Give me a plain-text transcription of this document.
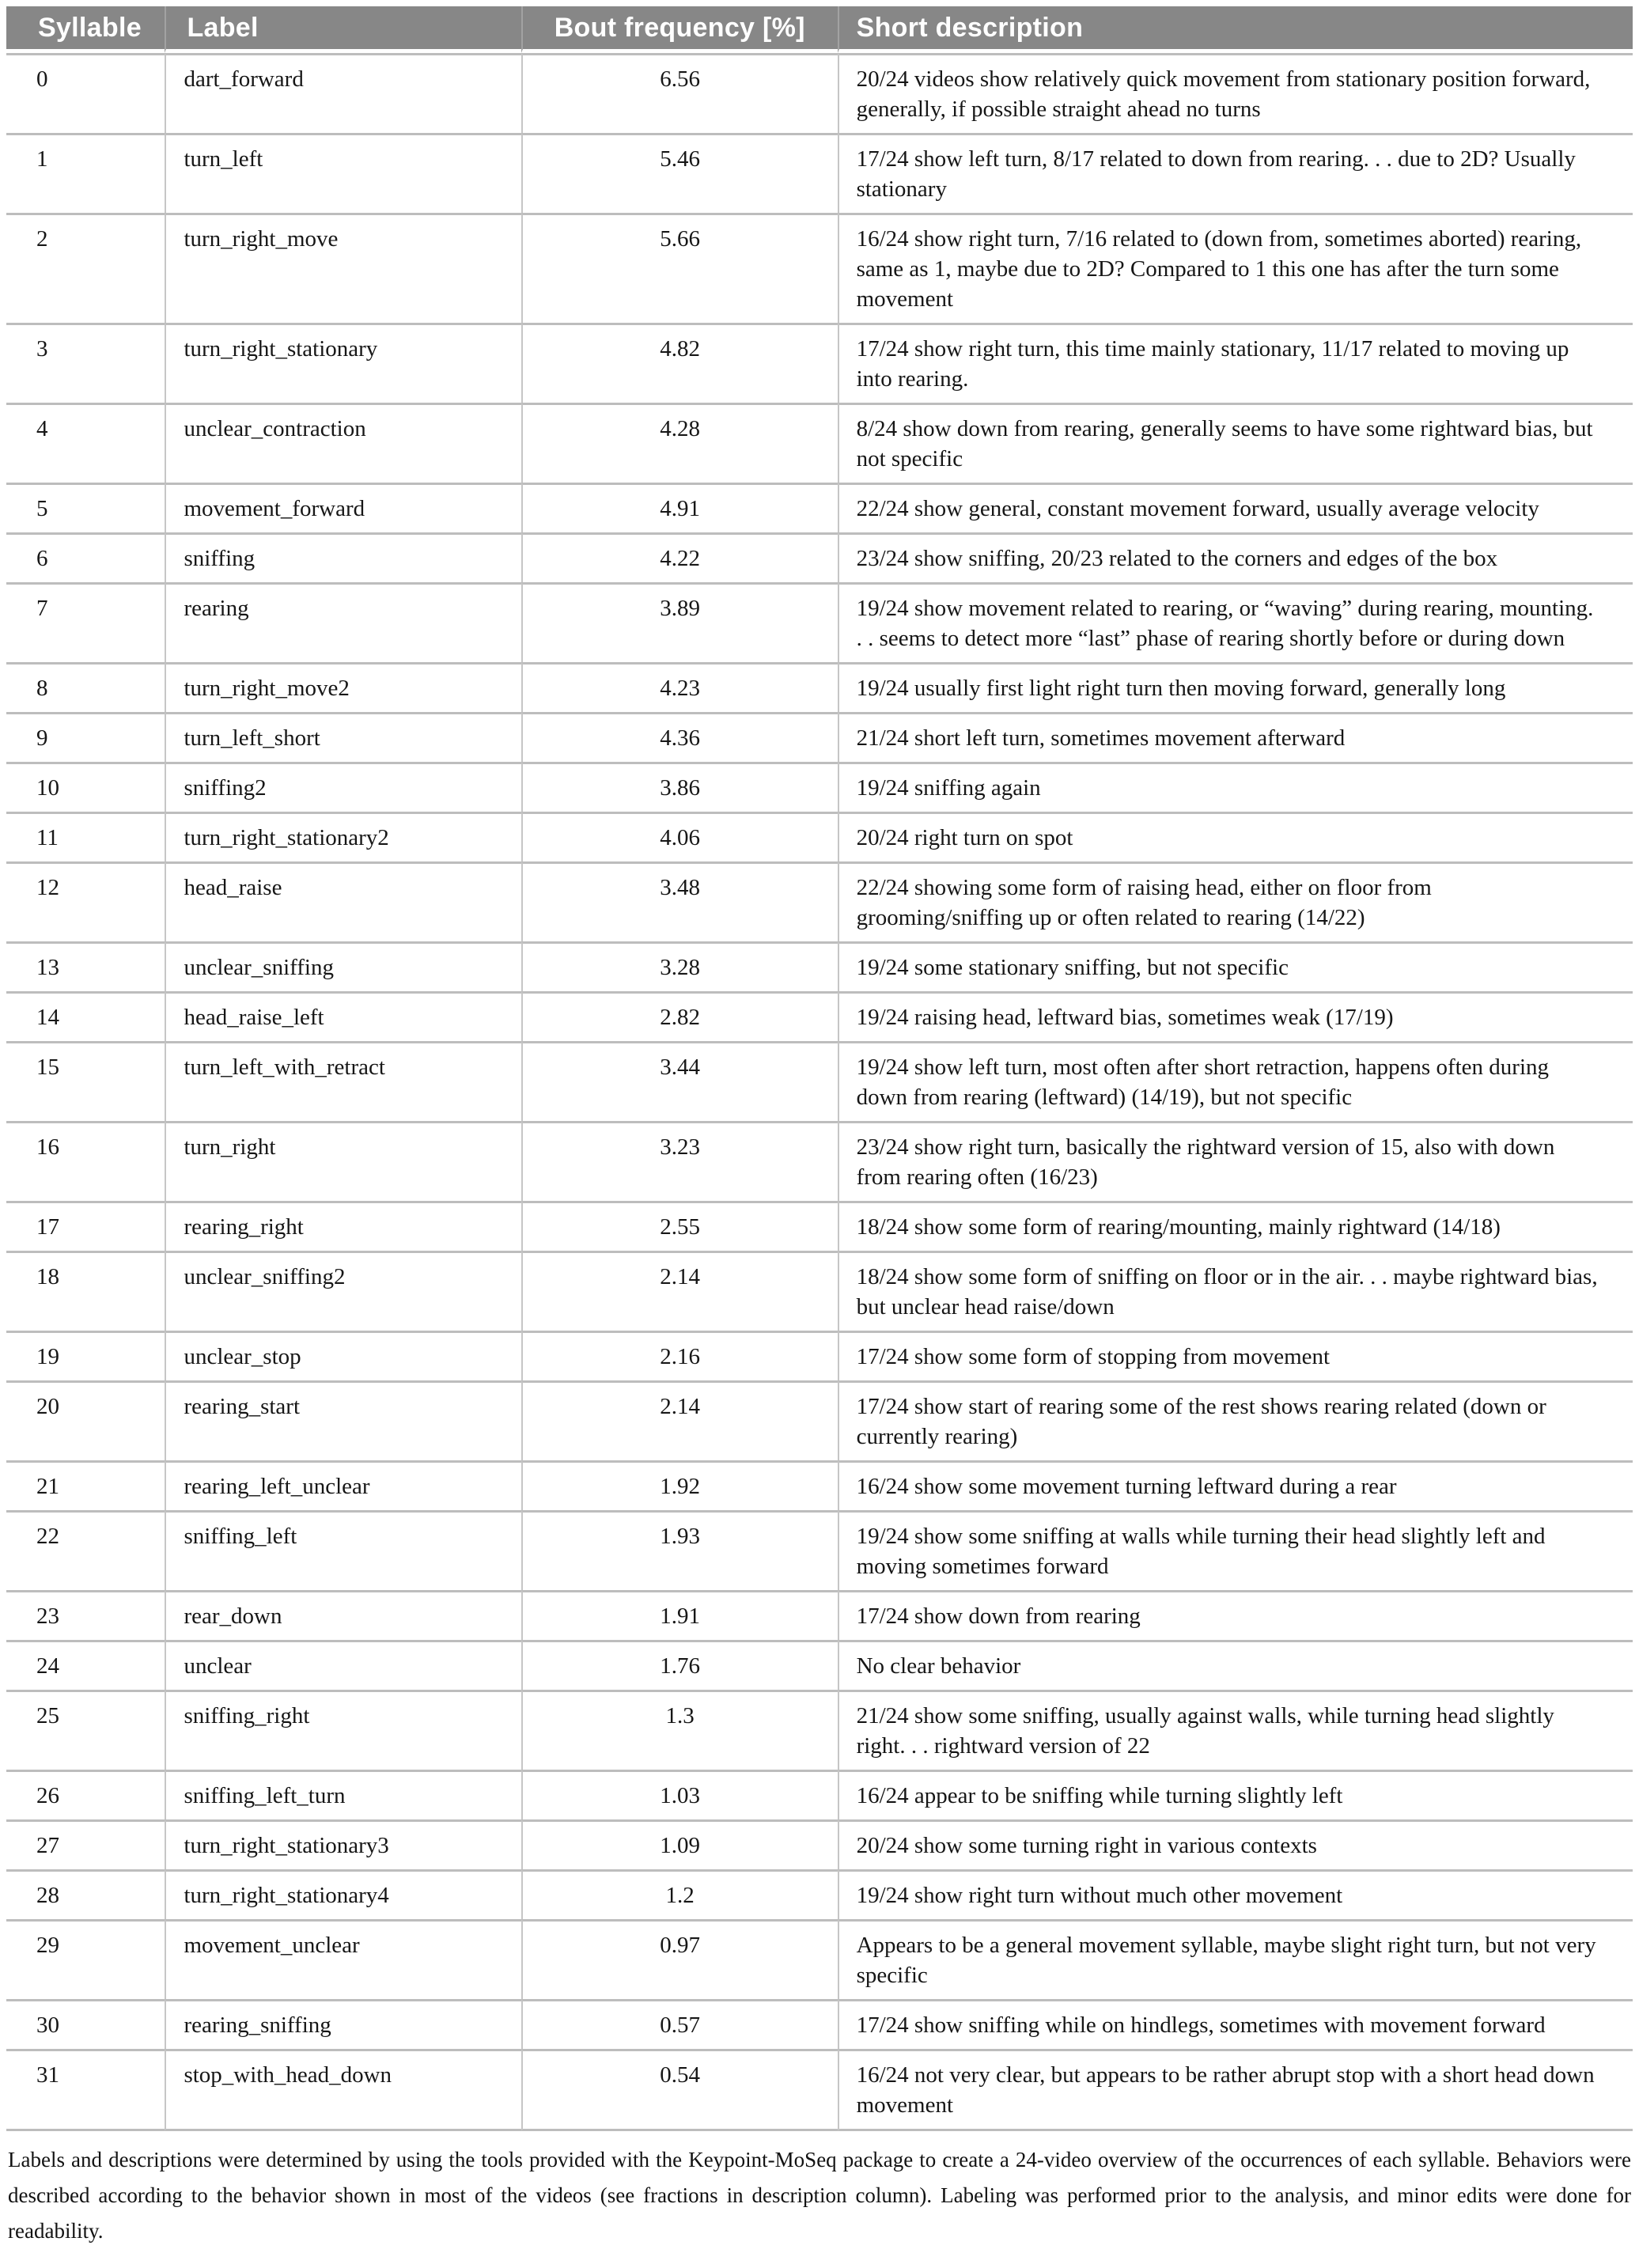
Syllable	Label	Bout frequency [%]	Short description
0	dart_forward	6.56	20/24 videos show relatively quick movement from stationary position forward, generally, if possible straight ahead no turns
1	turn_left	5.46	17/24 show left turn, 8/17 related to down from rearing. . . due to 2D? Usually stationary
2	turn_right_move	5.66	16/24 show right turn, 7/16 related to (down from, sometimes aborted) rearing, same as 1, maybe due to 2D? Compared to 1 this one has after the turn some movement
3	turn_right_stationary	4.82	17/24 show right turn, this time mainly stationary, 11/17 related to moving up into rearing.
4	unclear_contraction	4.28	8/24 show down from rearing, generally seems to have some rightward bias, but not specific
5	movement_forward	4.91	22/24 show general, constant movement forward, usually average velocity
6	sniffing	4.22	23/24 show sniffing, 20/23 related to the corners and edges of the box
7	rearing	3.89	19/24 show movement related to rearing, or “waving” during rearing, mounting. . . seems to detect more “last” phase of rearing shortly before or during down
8	turn_right_move2	4.23	19/24 usually first light right turn then moving forward, generally long
9	turn_left_short	4.36	21/24 short left turn, sometimes movement afterward
10	sniffing2	3.86	19/24 sniffing again
11	turn_right_stationary2	4.06	20/24 right turn on spot
12	head_raise	3.48	22/24 showing some form of raising head, either on floor from grooming/sniffing up or often related to rearing (14/22)
13	unclear_sniffing	3.28	19/24 some stationary sniffing, but not specific
14	head_raise_left	2.82	19/24 raising head, leftward bias, sometimes weak (17/19)
15	turn_left_with_retract	3.44	19/24 show left turn, most often after short retraction, happens often during down from rearing (leftward) (14/19), but not specific
16	turn_right	3.23	23/24 show right turn, basically the rightward version of 15, also with down from rearing often (16/23)
17	rearing_right	2.55	18/24 show some form of rearing/mounting, mainly rightward (14/18)
18	unclear_sniffing2	2.14	18/24 show some form of sniffing on floor or in the air. . . maybe rightward bias, but unclear head raise/down
19	unclear_stop	2.16	17/24 show some form of stopping from movement
20	rearing_start	2.14	17/24 show start of rearing some of the rest shows rearing related (down or currently rearing)
21	rearing_left_unclear	1.92	16/24 show some movement turning leftward during a rear
22	sniffing_left	1.93	19/24 show some sniffing at walls while turning their head slightly left and moving sometimes forward
23	rear_down	1.91	17/24 show down from rearing
24	unclear	1.76	No clear behavior
25	sniffing_right	1.3	21/24 show some sniffing, usually against walls, while turning head slightly right. . . rightward version of 22
26	sniffing_left_turn	1.03	16/24 appear to be sniffing while turning slightly left
27	turn_right_stationary3	1.09	20/24 show some turning right in various contexts
28	turn_right_stationary4	1.2	19/24 show right turn without much other movement
29	movement_unclear	0.97	Appears to be a general movement syllable, maybe slight right turn, but not very specific
30	rearing_sniffing	0.57	17/24 show sniffing while on hindlegs, sometimes with movement forward
31	stop_with_head_down	0.54	16/24 not very clear, but appears to be rather abrupt stop with a short head down movement

Labels and descriptions were determined by using the tools provided with the Keypoint-MoSeq package to create a 24-video overview of the occurrences of each syllable. Behaviors were described according to the behavior shown in most of the videos (see fractions in description column). Labeling was performed prior to the analysis, and minor edits were done for readability.
